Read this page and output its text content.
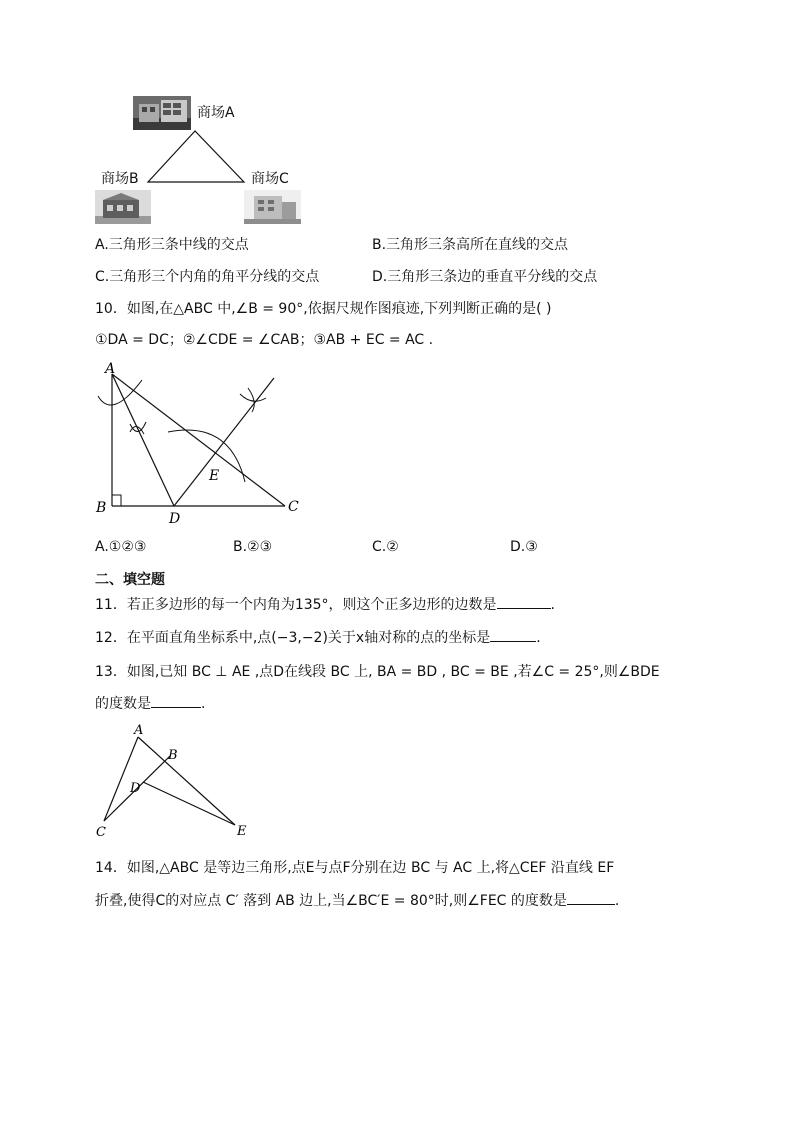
商场A
商场B	商场C
A.三角形三条中线的交点	B.三角形三条高所在直线的交点
C.三角形三个内角的角平分线的交点	D.三角形三条边的垂直平分线的交点
10．如图,在△ABC 中,∠B = 90°,依据尺规作图痕迹,下列判断正确的是( )
①DA = DC；②∠CDE = ∠CAB；③AB + EC = AC .
A
B	C
D
E
A.①②③	B.②③	C.②	D.③
二、填空题
11．若正多边形的每一个内角为135°，则这个正多边形的边数是	.
12．在平面直角坐标系中,点(−3,−2)关于x轴对称的点的坐标是	.
13．如图,已知 BC ⊥ AE ,点D在线段 BC 上, BA = BD , BC = BE ,若∠C = 25°,则∠BDE
的度数是	.
A
B
D
C	E
14．如图,△ABC 是等边三角形,点E与点F分别在边 BC 与 AC 上,将△CEF 沿直线 EF
折叠,使得C的对应点 C′ 落到 AB 边上,当∠BC′E = 80°时,则∠FEC 的度数是	.
